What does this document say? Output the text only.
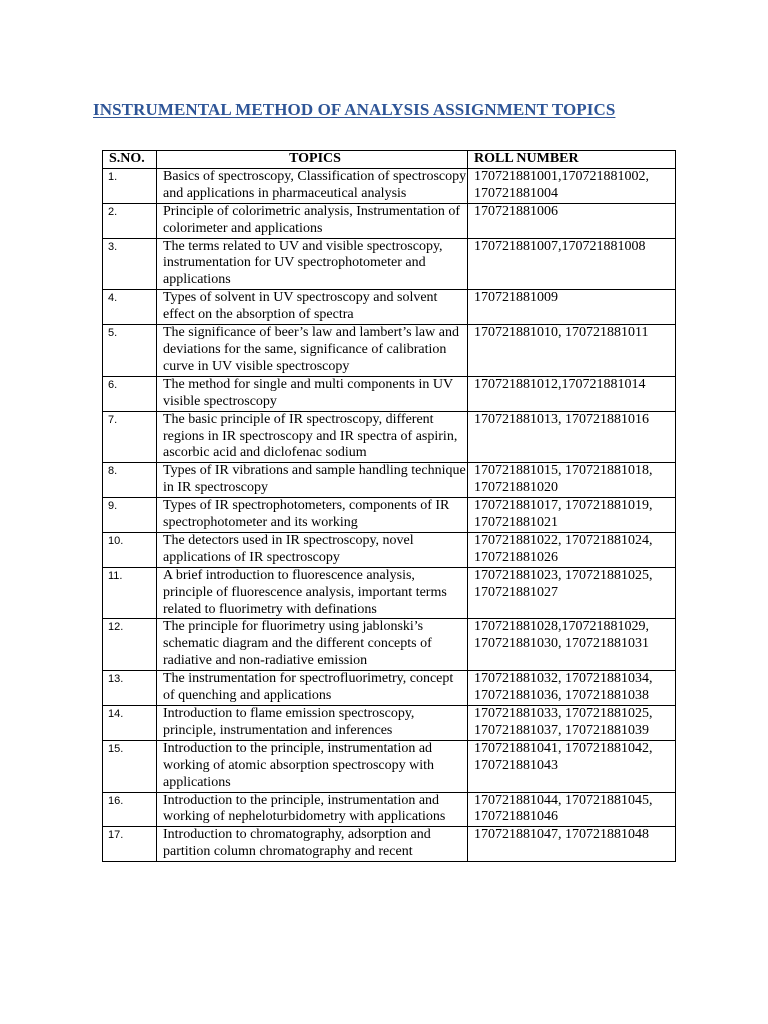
INSTRUMENTAL METHOD OF ANALYSIS ASSIGNMENT TOPICS
S.NO.	TOPICS	ROLL NUMBER
1.	Basics of spectroscopy, Classification of spectroscopy and applications in pharmaceutical analysis	170721881001,170721881002, 170721881004
2.	Principle of colorimetric analysis, Instrumentation of colorimeter and applications	170721881006
3.	The terms related to UV and visible spectroscopy, instrumentation for UV spectrophotometer and applications	170721881007,170721881008
4.	Types of solvent in UV spectroscopy and solvent effect on the absorption of spectra	170721881009
5.	The significance of beer’s law and lambert’s law and deviations for the same, significance of calibration curve in UV visible spectroscopy	170721881010, 170721881011
6.	The method for single and multi components in UV visible spectroscopy	170721881012,170721881014
7.	The basic principle of IR spectroscopy, different regions in IR spectroscopy and IR spectra of aspirin, ascorbic acid and diclofenac sodium	170721881013, 170721881016
8.	Types of IR vibrations and sample handling technique in IR spectroscopy	170721881015, 170721881018, 170721881020
9.	Types of IR spectrophotometers, components of IR spectrophotometer and its working	170721881017, 170721881019, 170721881021
10.	The detectors used in IR spectroscopy, novel applications of IR spectroscopy	170721881022, 170721881024, 170721881026
11.	A brief introduction to fluorescence analysis, principle of fluorescence analysis, important terms related to fluorimetry with definations	170721881023, 170721881025, 170721881027
12.	The principle for fluorimetry using jablonski’s schematic diagram and the different concepts of radiative and non-radiative emission	170721881028,170721881029, 170721881030, 170721881031
13.	The instrumentation for spectrofluorimetry, concept of quenching and applications	170721881032, 170721881034, 170721881036, 170721881038
14.	Introduction to flame emission spectroscopy, principle, instrumentation and inferences	170721881033, 170721881025, 170721881037, 170721881039
15.	Introduction to the principle, instrumentation ad working of atomic absorption spectroscopy with applications	170721881041, 170721881042, 170721881043
16.	Introduction to the principle, instrumentation and working of nepheloturbidometry with applications	170721881044, 170721881045, 170721881046
17.	Introduction to chromatography, adsorption and partition column chromatography and recent	170721881047, 170721881048
